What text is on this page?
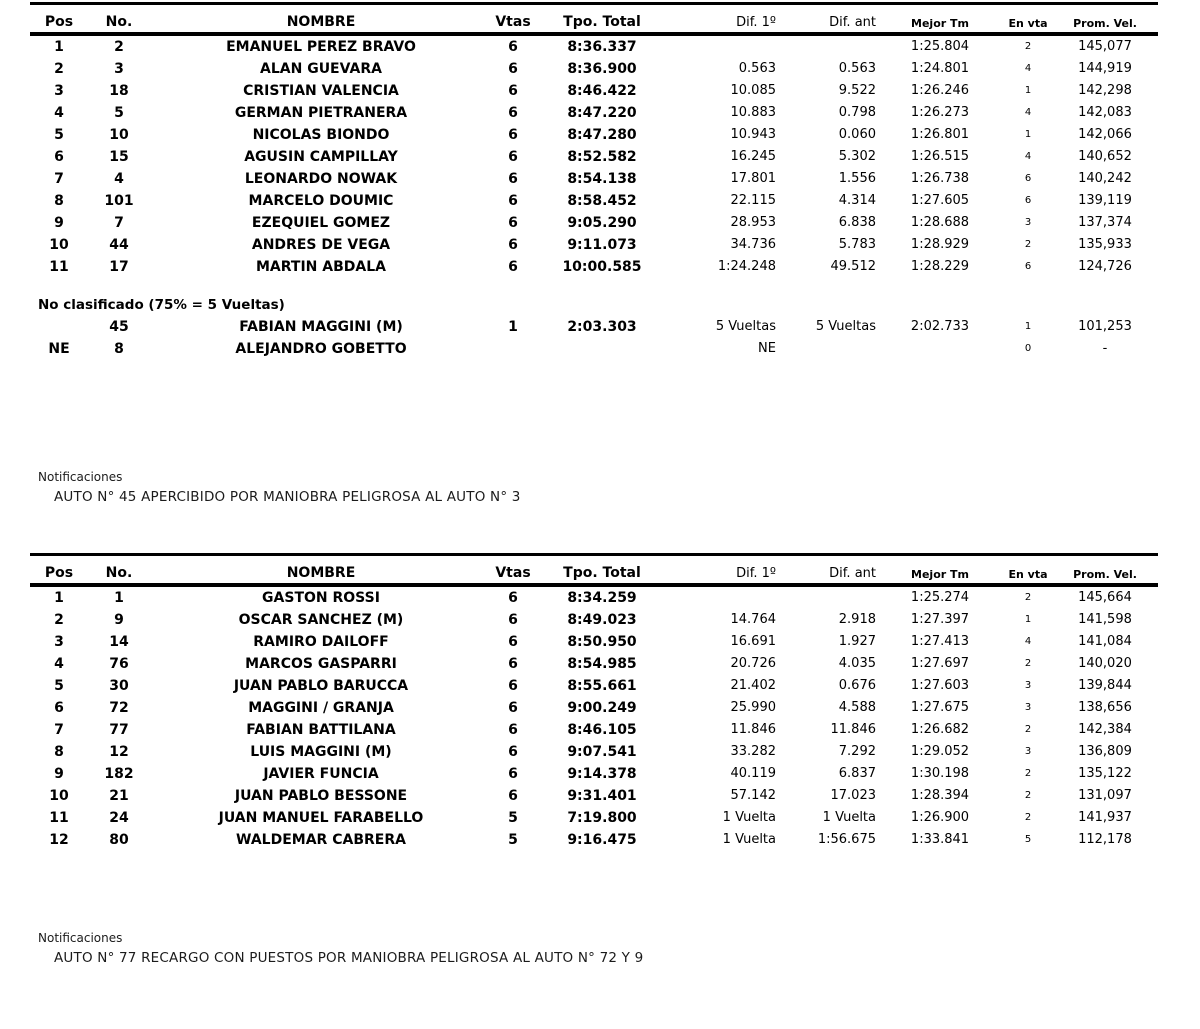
Pos	No.	NOMBRE	Vtas	Tpo. Total	Dif. 1º	Dif. ant	Mejor Tm	En vta	Prom. Vel.
1	2	EMANUEL PEREZ BRAVO	6	8:36.337			1:25.804	2	145,077
2	3	ALAN GUEVARA	6	8:36.900	0.563	0.563	1:24.801	4	144,919
3	18	CRISTIAN VALENCIA	6	8:46.422	10.085	9.522	1:26.246	1	142,298
4	5	GERMAN PIETRANERA	6	8:47.220	10.883	0.798	1:26.273	4	142,083
5	10	NICOLAS BIONDO	6	8:47.280	10.943	0.060	1:26.801	1	142,066
6	15	AGUSIN CAMPILLAY	6	8:52.582	16.245	5.302	1:26.515	4	140,652
7	4	LEONARDO NOWAK	6	8:54.138	17.801	1.556	1:26.738	6	140,242
8	101	MARCELO DOUMIC	6	8:58.452	22.115	4.314	1:27.605	6	139,119
9	7	EZEQUIEL GOMEZ	6	9:05.290	28.953	6.838	1:28.688	3	137,374
10	44	ANDRES DE VEGA	6	9:11.073	34.736	5.783	1:28.929	2	135,933
11	17	MARTIN ABDALA	6	10:00.585	1:24.248	49.512	1:28.229	6	124,726

No clasificado (75% = 5 Vueltas)									
	45	FABIAN MAGGINI (M)	1	2:03.303	5 Vueltas	5 Vueltas	2:02.733	1	101,253
NE	8	ALEJANDRO GOBETTO			NE			0	-
Notificaciones
AUTO N° 45 APERCIBIDO POR MANIOBRA PELIGROSA AL AUTO N° 3
Pos	No.	NOMBRE	Vtas	Tpo. Total	Dif. 1º	Dif. ant	Mejor Tm	En vta	Prom. Vel.
1	1	GASTON ROSSI	6	8:34.259			1:25.274	2	145,664
2	9	OSCAR SANCHEZ (M)	6	8:49.023	14.764	2.918	1:27.397	1	141,598
3	14	RAMIRO DAILOFF	6	8:50.950	16.691	1.927	1:27.413	4	141,084
4	76	MARCOS GASPARRI	6	8:54.985	20.726	4.035	1:27.697	2	140,020
5	30	JUAN PABLO BARUCCA	6	8:55.661	21.402	0.676	1:27.603	3	139,844
6	72	MAGGINI / GRANJA	6	9:00.249	25.990	4.588	1:27.675	3	138,656
7	77	FABIAN BATTILANA	6	8:46.105	11.846	11.846	1:26.682	2	142,384
8	12	LUIS MAGGINI (M)	6	9:07.541	33.282	7.292	1:29.052	3	136,809
9	182	JAVIER FUNCIA	6	9:14.378	40.119	6.837	1:30.198	2	135,122
10	21	JUAN PABLO BESSONE	6	9:31.401	57.142	17.023	1:28.394	2	131,097
11	24	JUAN MANUEL FARABELLO	5	7:19.800	1 Vuelta	1 Vuelta	1:26.900	2	141,937
12	80	WALDEMAR CABRERA	5	9:16.475	1 Vuelta	1:56.675	1:33.841	5	112,178
Notificaciones
AUTO N° 77 RECARGO CON PUESTOS POR MANIOBRA PELIGROSA AL AUTO N° 72 Y 9
